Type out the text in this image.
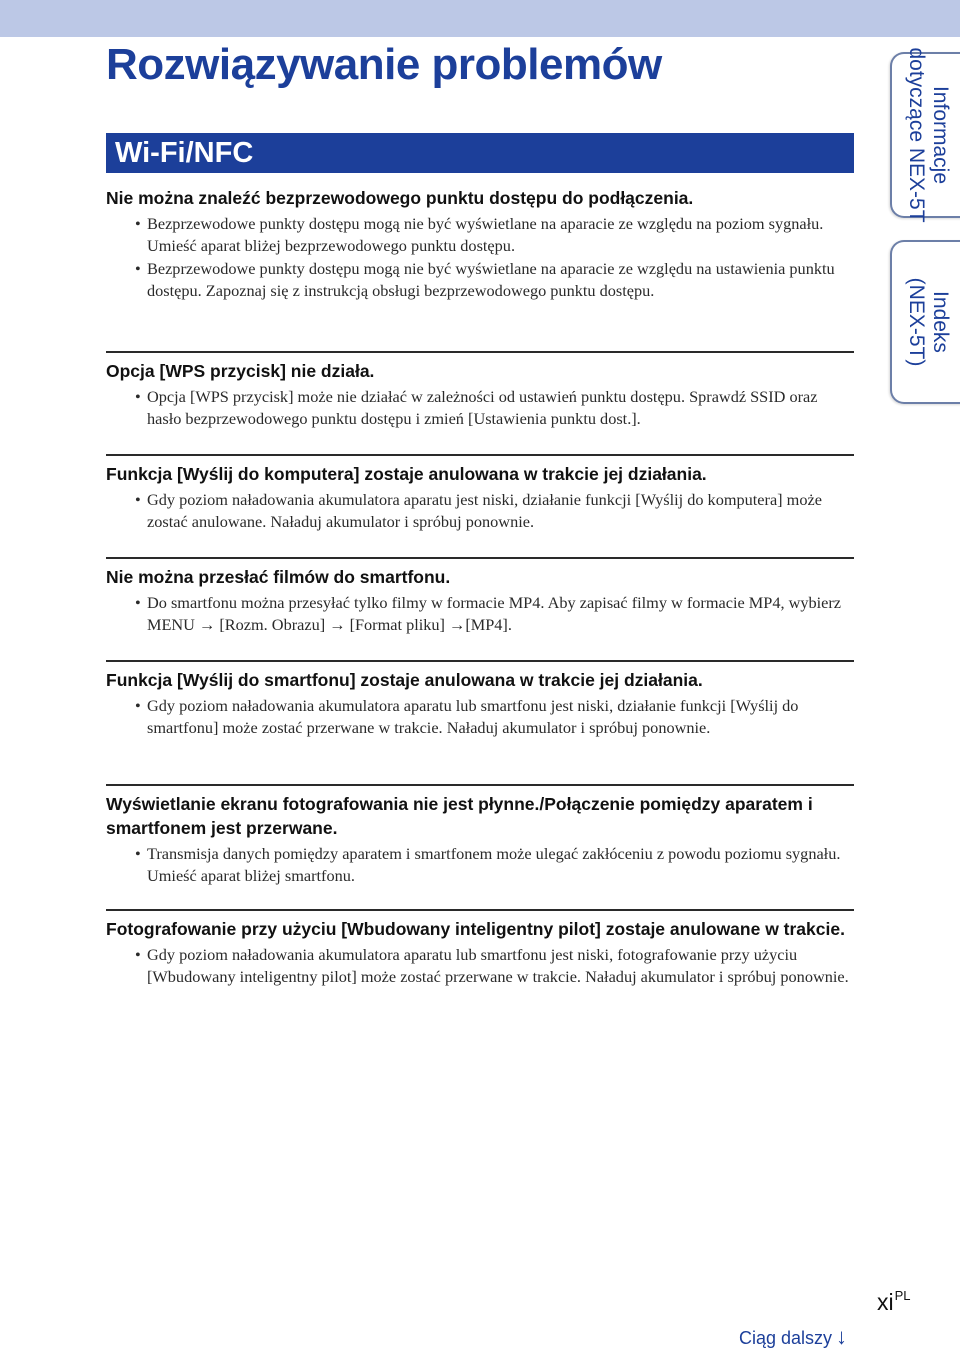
Rozwiązywanie problemów
Wi-Fi/NFC
Nie można znaleźć bezprzewodowego punktu dostępu do podłączenia.
• Bezprzewodowe punkty dostępu mogą nie być wyświetlane na aparacie ze względu na poziom sygnału. Umieść aparat bliżej bezprzewodowego punktu dostępu.
• Bezprzewodowe punkty dostępu mogą nie być wyświetlane na aparacie ze względu na ustawienia punktu dostępu. Zapoznaj się z instrukcją obsługi bezprzewodowego punktu dostępu.
Opcja [WPS przycisk] nie działa.
• Opcja [WPS przycisk] może nie działać w zależności od ustawień punktu dostępu. Sprawdź SSID oraz hasło bezprzewodowego punktu dostępu i zmień [Ustawienia punktu dost.].
Funkcja [Wyślij do komputera] zostaje anulowana w trakcie jej działania.
• Gdy poziom naładowania akumulatora aparatu jest niski, działanie funkcji [Wyślij do komputera] może zostać anulowane. Naładuj akumulator i spróbuj ponownie.
Nie można przesłać filmów do smartfonu.
• Do smartfonu można przesyłać tylko filmy w formacie MP4. Aby zapisać filmy w formacie MP4, wybierz MENU → [Rozm. Obrazu] → [Format pliku] →[MP4].
Funkcja [Wyślij do smartfonu] zostaje anulowana w trakcie jej działania.
• Gdy poziom naładowania akumulatora aparatu lub smartfonu jest niski, działanie funkcji [Wyślij do smartfonu] może zostać przerwane w trakcie. Naładuj akumulator i spróbuj ponownie.
Wyświetlanie ekranu fotografowania nie jest płynne./Połączenie pomiędzy aparatem i smartfonem jest przerwane.
• Transmisja danych pomiędzy aparatem i smartfonem może ulegać zakłóceniu z powodu poziomu sygnału. Umieść aparat bliżej smartfonu.
Fotografowanie przy użyciu [Wbudowany inteligentny pilot] zostaje anulowane w trakcie.
• Gdy poziom naładowania akumulatora aparatu lub smartfonu jest niski, fotografowanie przy użyciu [Wbudowany inteligentny pilot] może zostać przerwane w trakcie. Naładuj akumulator i spróbuj ponownie.
Informacje
dotyczące NEX-5T
Indeks
(NEX-5T)
$xi^{PL}$
Ciąg dalszy ↓
